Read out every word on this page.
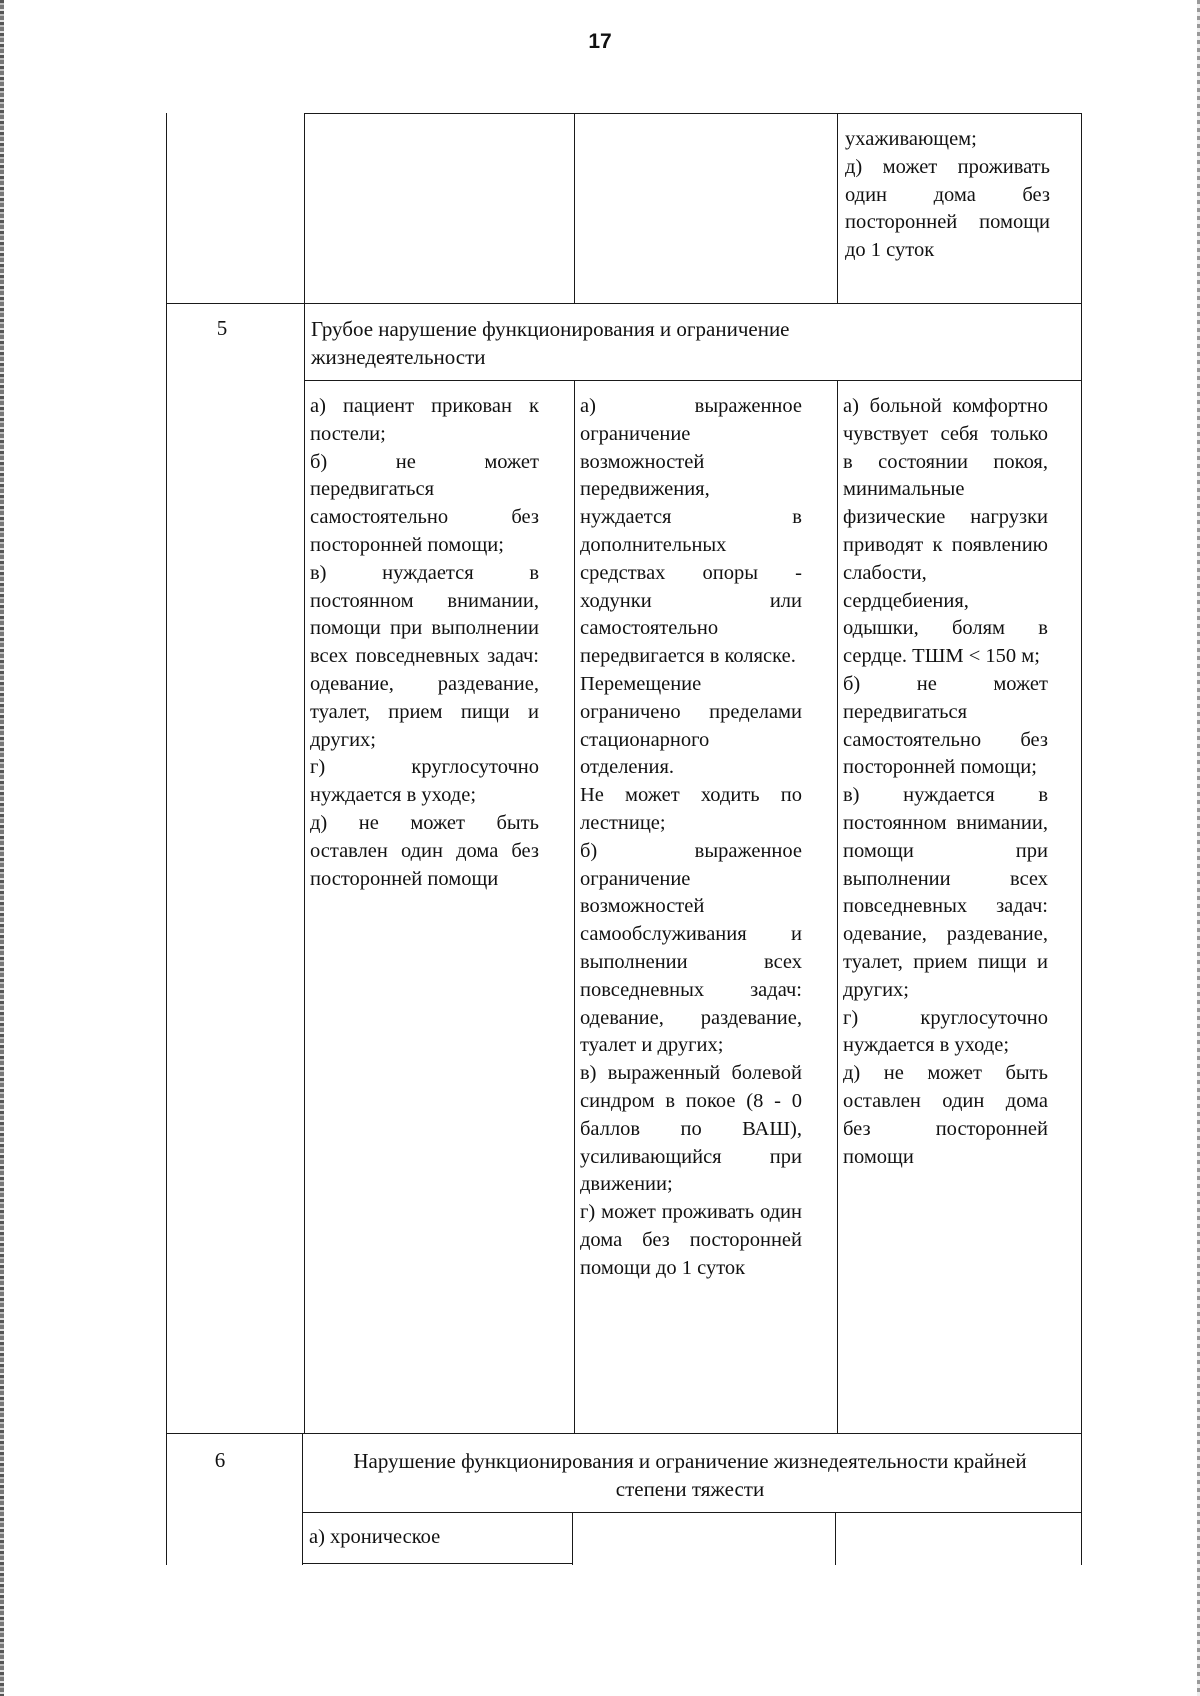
17
ухаживающем;
д) может проживать один дома без посторонней помощи до 1 суток
5	Грубое нарушение функционирования и ограничение жизнедеятельности
а) пациент прикован к постели;
б) не может передвигаться самостоятельно без посторонней помощи;
в) нуждается в постоянном внимании, помощи при выполнении всех повседневных задач: одевание, раздевание, туалет, прием пищи и других;
г) круглосуточно нуждается в уходе;
д) не может быть оставлен один дома без посторонней помощи
а) выраженное ограничение возможностей передвижения, нуждается в дополнительных средствах опоры - ходунки или самостоятельно передвигается в коляске.
Перемещение ограничено пределами стационарного отделения.
Не может ходить по лестнице;
б) выраженное ограничение возможностей самообслуживания и выполнении всех повседневных задач: одевание, раздевание, туалет и других;
в) выраженный болевой синдром в покое (8 - 0 баллов по ВАШ), усиливающийся при движении;
г) может проживать один дома без посторонней помощи до 1 суток
а) больной комфортно чувствует себя только в состоянии покоя, минимальные физические нагрузки приводят к появлению слабости, сердцебиения, одышки, болям в сердце. ТШМ < 150 м;
б) не может передвигаться самостоятельно без посторонней помощи;
в) нуждается в постоянном внимании, помощи при выполнении всех повседневных задач: одевание, раздевание, туалет, прием пищи и других;
г) круглосуточно нуждается в уходе;
д) не может быть оставлен один дома без посторонней помощи
6	Нарушение функционирования и ограничение жизнедеятельности крайней степени тяжести
а) хроническое
